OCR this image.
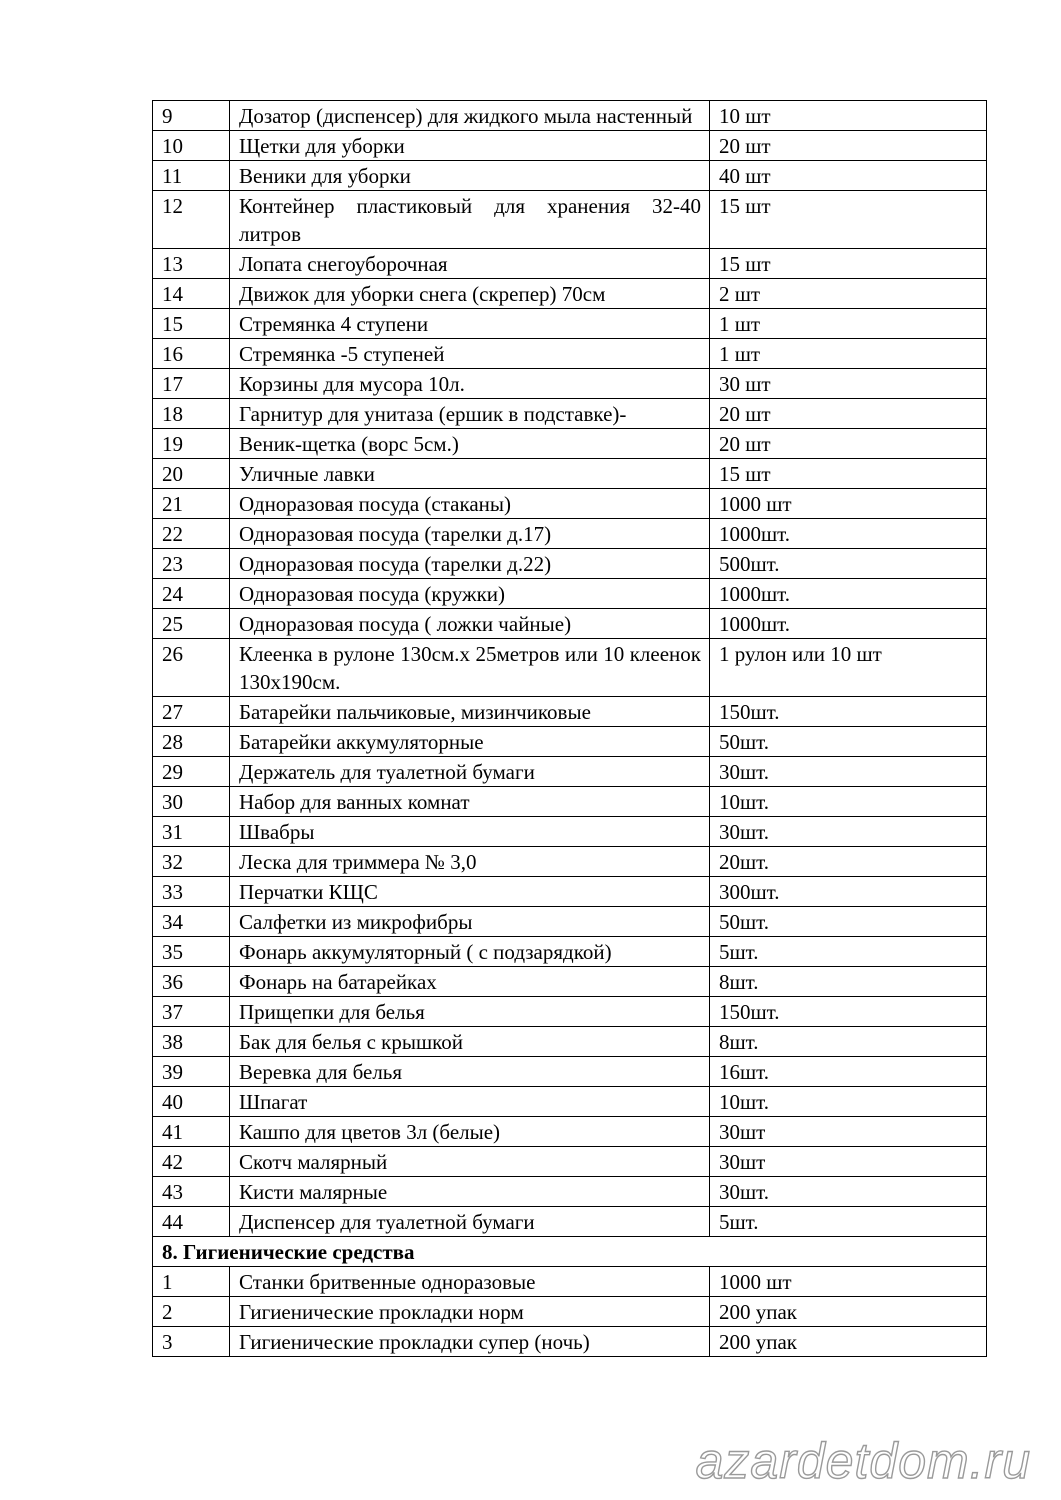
9	Дозатор (диспенсер) для жидкого мыла настенный	10 шт
10	Щетки для уборки	20 шт
11	Веники для уборки	40 шт
12	Контейнер пластиковый для хранения 32-40 литров	15 шт
13	Лопата снегоуборочная	15 шт
14	Движок для уборки снега (скрепер) 70см	2 шт
15	Стремянка 4 ступени	1 шт
16	Стремянка -5 ступеней	1 шт
17	Корзины для мусора 10л.	30 шт
18	Гарнитур для унитаза (ершик в подставке)-	20 шт
19	Веник-щетка (ворс 5см.)	20 шт
20	Уличные лавки	15 шт
21	Одноразовая посуда (стаканы)	1000 шт
22	Одноразовая посуда (тарелки д.17)	1000шт.
23	Одноразовая посуда (тарелки д.22)	500шт.
24	Одноразовая посуда (кружки)	1000шт.
25	Одноразовая посуда ( ложки чайные)	1000шт.
26	Клеенка в рулоне 130см.х 25метров или 10 клеенок 130х190см.	1 рулон или 10 шт
27	Батарейки пальчиковые, мизинчиковые	150шт.
28	Батарейки аккумуляторные	50шт.
29	Держатель для туалетной бумаги	30шт.
30	Набор для ванных комнат	10шт.
31	Швабры	30шт.
32	Леска для триммера № 3,0	20шт.
33	Перчатки КЩС	300шт.
34	Салфетки из микрофибры	50шт.
35	Фонарь аккумуляторный ( с подзарядкой)	5шт.
36	Фонарь на батарейках	8шт.
37	Прищепки для белья	150шт.
38	Бак для белья с крышкой	8шт.
39	Веревка для белья	16шт.
40	Шпагат	10шт.
41	Кашпо для цветов 3л (белые)	30шт
42	Скотч малярный	30шт
43	Кисти малярные	30шт.
44	Диспенсер для туалетной бумаги	5шт.
8. Гигиенические средства		
1	Станки бритвенные одноразовые	1000 шт
2	Гигиенические прокладки норм	200 упак
3	Гигиенические прокладки супер (ночь)	200 упак
azardetdom.ru
